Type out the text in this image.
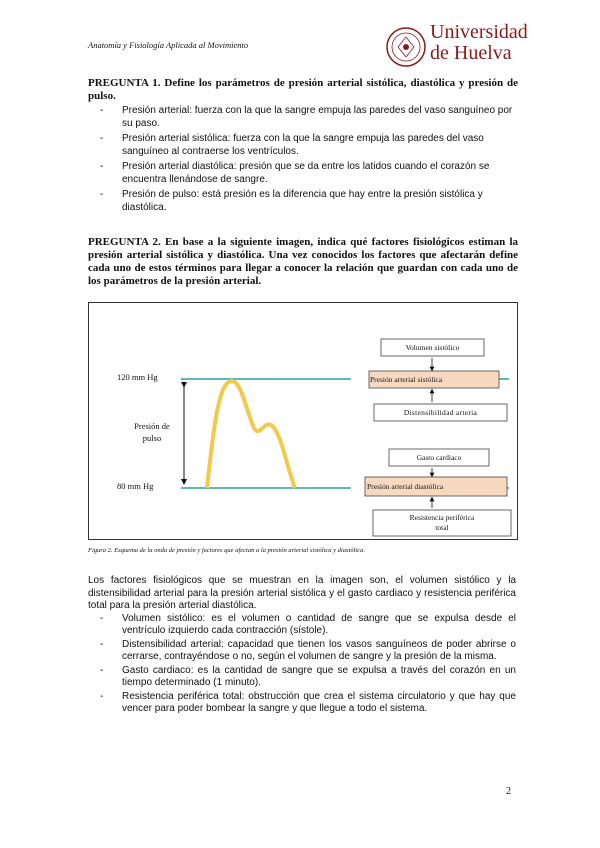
Anatomía y Fisiología Aplicada al Movimiento
Universidad
de Huelva
PREGUNTA 1. Define los parámetros de presión arterial sistólica, diastólica y presión de pulso.
- Presión arterial: fuerza con la que la sangre empuja las paredes del vaso sanguíneo por su paso.
- Presión arterial sistólica: fuerza con la que la sangre empuja las paredes del vaso sanguíneo al contraerse los ventrículos.
- Presión arterial diastólica: presión que se da entre los latidos cuando el corazón se encuentra llenándose de sangre.
- Presión de pulso: está presión es la diferencia que hay entre la presión sistólica y diastólica.
PREGUNTA 2. En base a la siguiente imagen, indica qué factores fisiológicos estiman la presión arterial sistólica y diastólica. Una vez conocidos los factores que afectarán define cada uno de estos términos para llegar a conocer la relación que guardan con cada uno de los parámetros de la presión arterial.
120 mm Hg
80 mm Hg
Presión de
pulso
Volumen sistólico
Presión arterial sistólica
Distensibilidad arteria
Gasto cardiaco
Presión arterial diastólica
Resistencia periférica
total
Figura 2. Esquema de la onda de presión y factores que afectan a la presión arterial sistólica y diastólica.
Los factores fisiológicos que se muestran en la imagen son, el volumen sistólico y la distensibilidad arterial para la presión arterial sistólica y el gasto cardiaco y resistencia periférica total para la presión arterial diastólica.
- Volumen sistólico: es el volumen o cantidad de sangre que se expulsa desde el ventrículo izquierdo cada contracción (sístole).
- Distensibilidad arterial: capacidad que tienen los vasos sanguíneos de poder abrirse o cerrarse, contrayéndose o no, según el volumen de sangre y la presión de la misma.
- Gasto cardiaco: es la cantidad de sangre que se expulsa a través del corazón en un tiempo determinado (1 minuto).
- Resistencia periférica total: obstrucción que crea el sistema circulatorio y que hay que vencer para poder bombear la sangre y que llegue a todo el sistema.
2
